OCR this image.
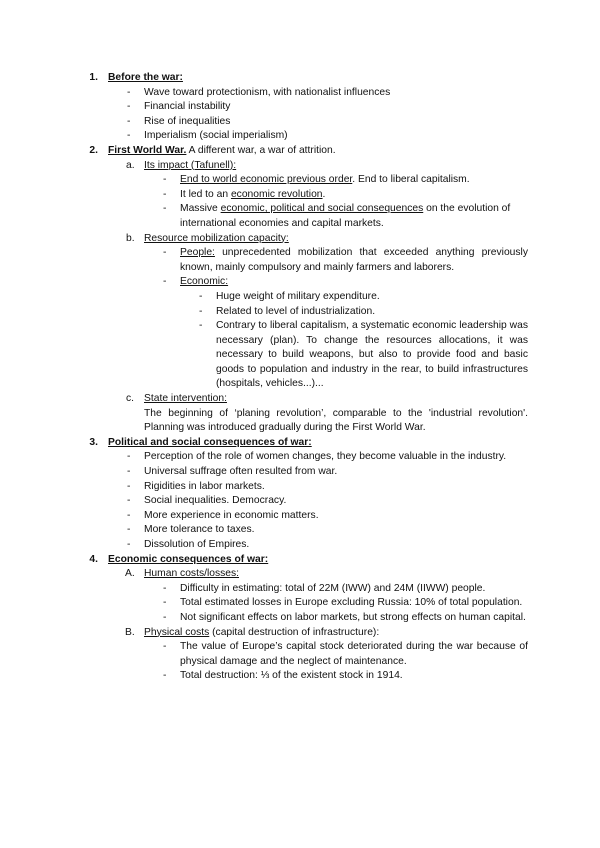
1. Before the war:
- Wave toward protectionism, with nationalist influences
- Financial instability
- Rise of inequalities
- Imperialism (social imperialism)
2. First World War. A different war, a war of attrition.
a. Its impact (Tafunell):
- End to world economic previous order. End to liberal capitalism.
- It led to an economic revolution.
- Massive economic, political and social consequences on the evolution of international economies and capital markets.
b. Resource mobilization capacity:
- People: unprecedented mobilization that exceeded anything previously known, mainly compulsory and mainly farmers and laborers.
- Economic:
- Huge weight of military expenditure.
- Related to level of industrialization.
- Contrary to liberal capitalism, a systematic economic leadership was necessary (plan). To change the resources allocations, it was necessary to build weapons, but also to provide food and basic goods to population and industry in the rear, to build infrastructures (hospitals, vehicles...)...
c. State intervention:
The beginning of ‘planing revolution’, comparable to the 'industrial revolution'. Planning was introduced gradually during the First World War.
3. Political and social consequences of war:
- Perception of the role of women changes, they become valuable in the industry.
- Universal suffrage often resulted from war.
- Rigidities in labor markets.
- Social inequalities. Democracy.
- More experience in economic matters.
- More tolerance to taxes.
- Dissolution of Empires.
4. Economic consequences of war:
A. Human costs/losses:
- Difficulty in estimating: total of 22M (IWW) and 24M (IIWW) people.
- Total estimated losses in Europe excluding Russia: 10% of total population.
- Not significant effects on labor markets, but strong effects on human capital.
B. Physical costs (capital destruction of infrastructure):
- The value of Europe’s capital stock deteriorated during the war because of physical damage and the neglect of maintenance.
- Total destruction: ⅓ of the existent stock in 1914.
